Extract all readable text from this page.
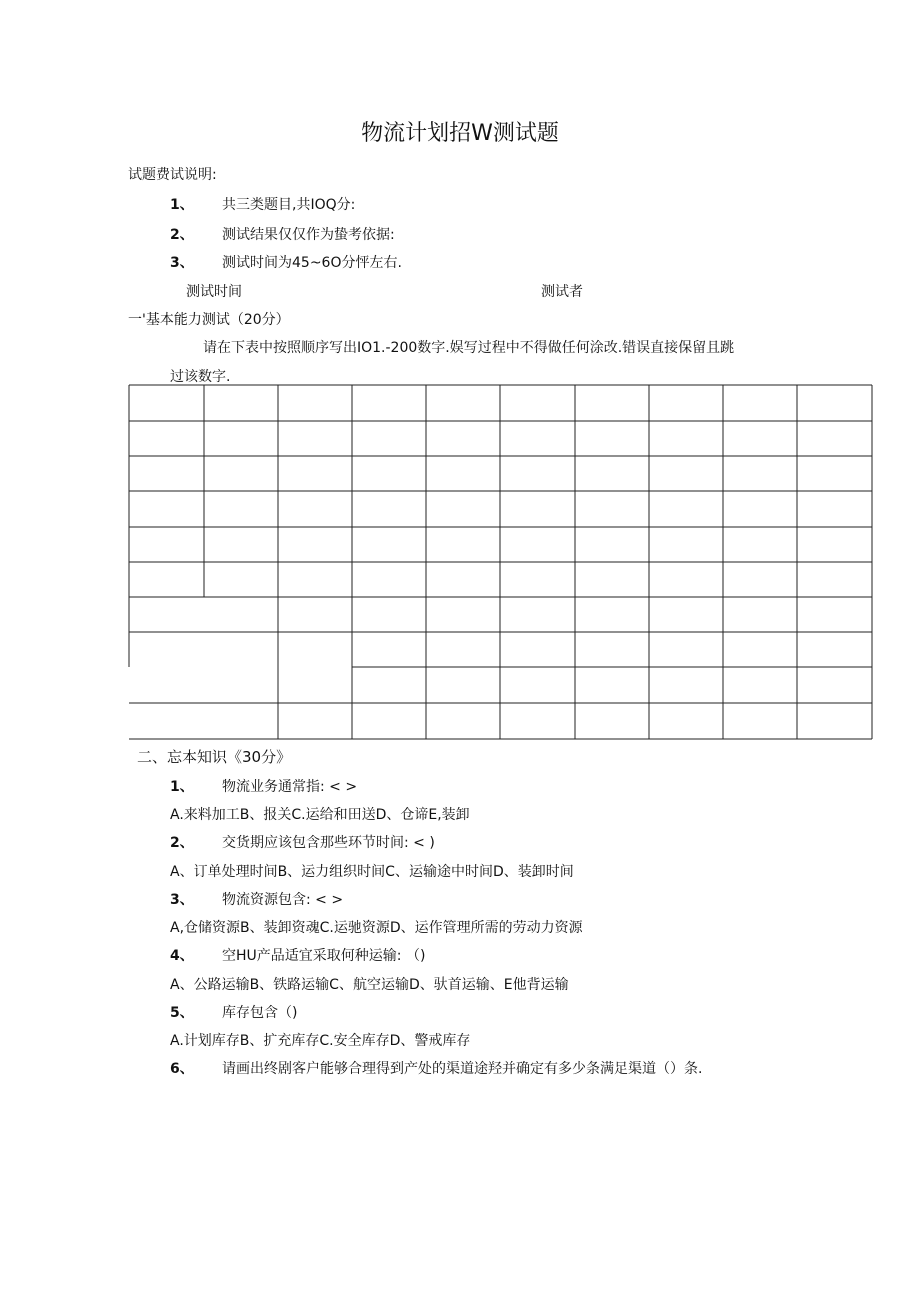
物流计划招W测试题
试题费试说明:
1、 共三类题目,共IOQ分:
2、 测试结果仅仅作为蛰考依据:
3、 测试时间为45~6O分怦左右.
测试时间	测试者
一'基本能力测试（20分）
请在下表中按照顺序写出IO1.-200数字.娱写过程中不得做任何涂改.错误直接保留且跳
过该数字.
二、忘本知识《30分》
1、 物流业务通常指: < >
A.来料加工B、报关C.运给和田送D、仓谛E,装卸
2、 交货期应该包含那些环节时间: < )
A、订单处理时间B、运力组织时间C、运输途中时间D、装卸时间
3、 物流资源包含: < >
A,仓储资源B、装卸资魂C.运驰资源D、运作管理所需的劳动力资源
4、 空HU产品适宜采取何种运输: （)
A、公路运输B、铁路运输C、航空运输D、驮首运输、E他背运输
5、 库存包含（)
A.计划库存B、扩充库存C.安全库存D、警戒库存
6、 请画出终剧客户能够合理得到产处的渠道途羟并确定有多少条满足渠道（）条.
